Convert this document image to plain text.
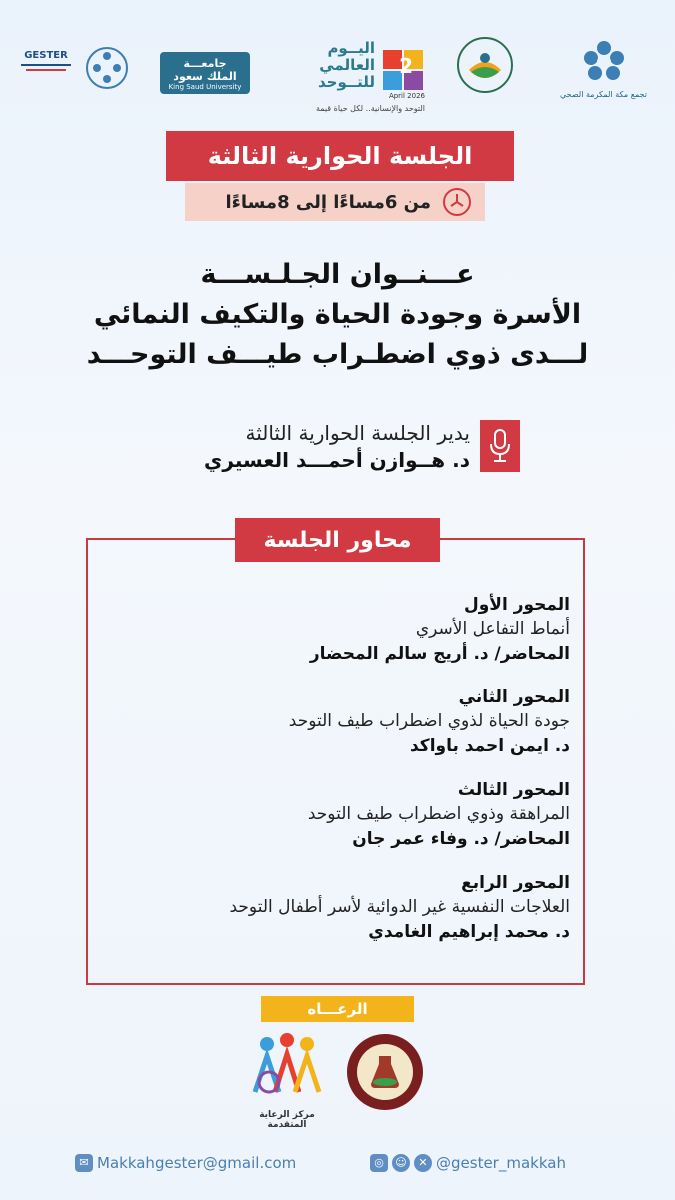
تجمع مكة المكرمة الصحي
اليــوم
العالمي
للتــوحد
2
April 2026
التوحد والإنسانية.. لكل حياة قيمة
جامعـــة
الملك سعود
King Saud University
GESTER
الجلسة الحوارية الثالثة
من 6مساءًا إلى 8مساءًا
عـــنــوان الجـلـســـة
الأسرة وجودة الحياة والتكيف النمائي
لـــدى ذوي اضطـراب طيـــف التوحـــد
يدير الجلسة الحوارية الثالثة
د. هــوازن أحمـــد العسيري
محاور الجلسة
المحور الأول
أنماط التفاعل الأسري
المحاضر/ د. أريج سالم المحضار
المحور الثاني
جودة الحياة لذوي اضطراب طيف التوحد
د. ايمن احمد باواكد
المحور الثالث
المراهقة وذوي اضطراب طيف التوحد
المحاضر/ د. وفاء عمر جان
المحور الرابع
العلاجات النفسية غير الدوائية لأسر أطفال التوحد
د. محمد إبراهيم الغامدي
الرعـــاه
مركز الرعاية المتقدمة
✉ Makkahgester@gmail.com	◎	☺	✕ @gester_makkah
